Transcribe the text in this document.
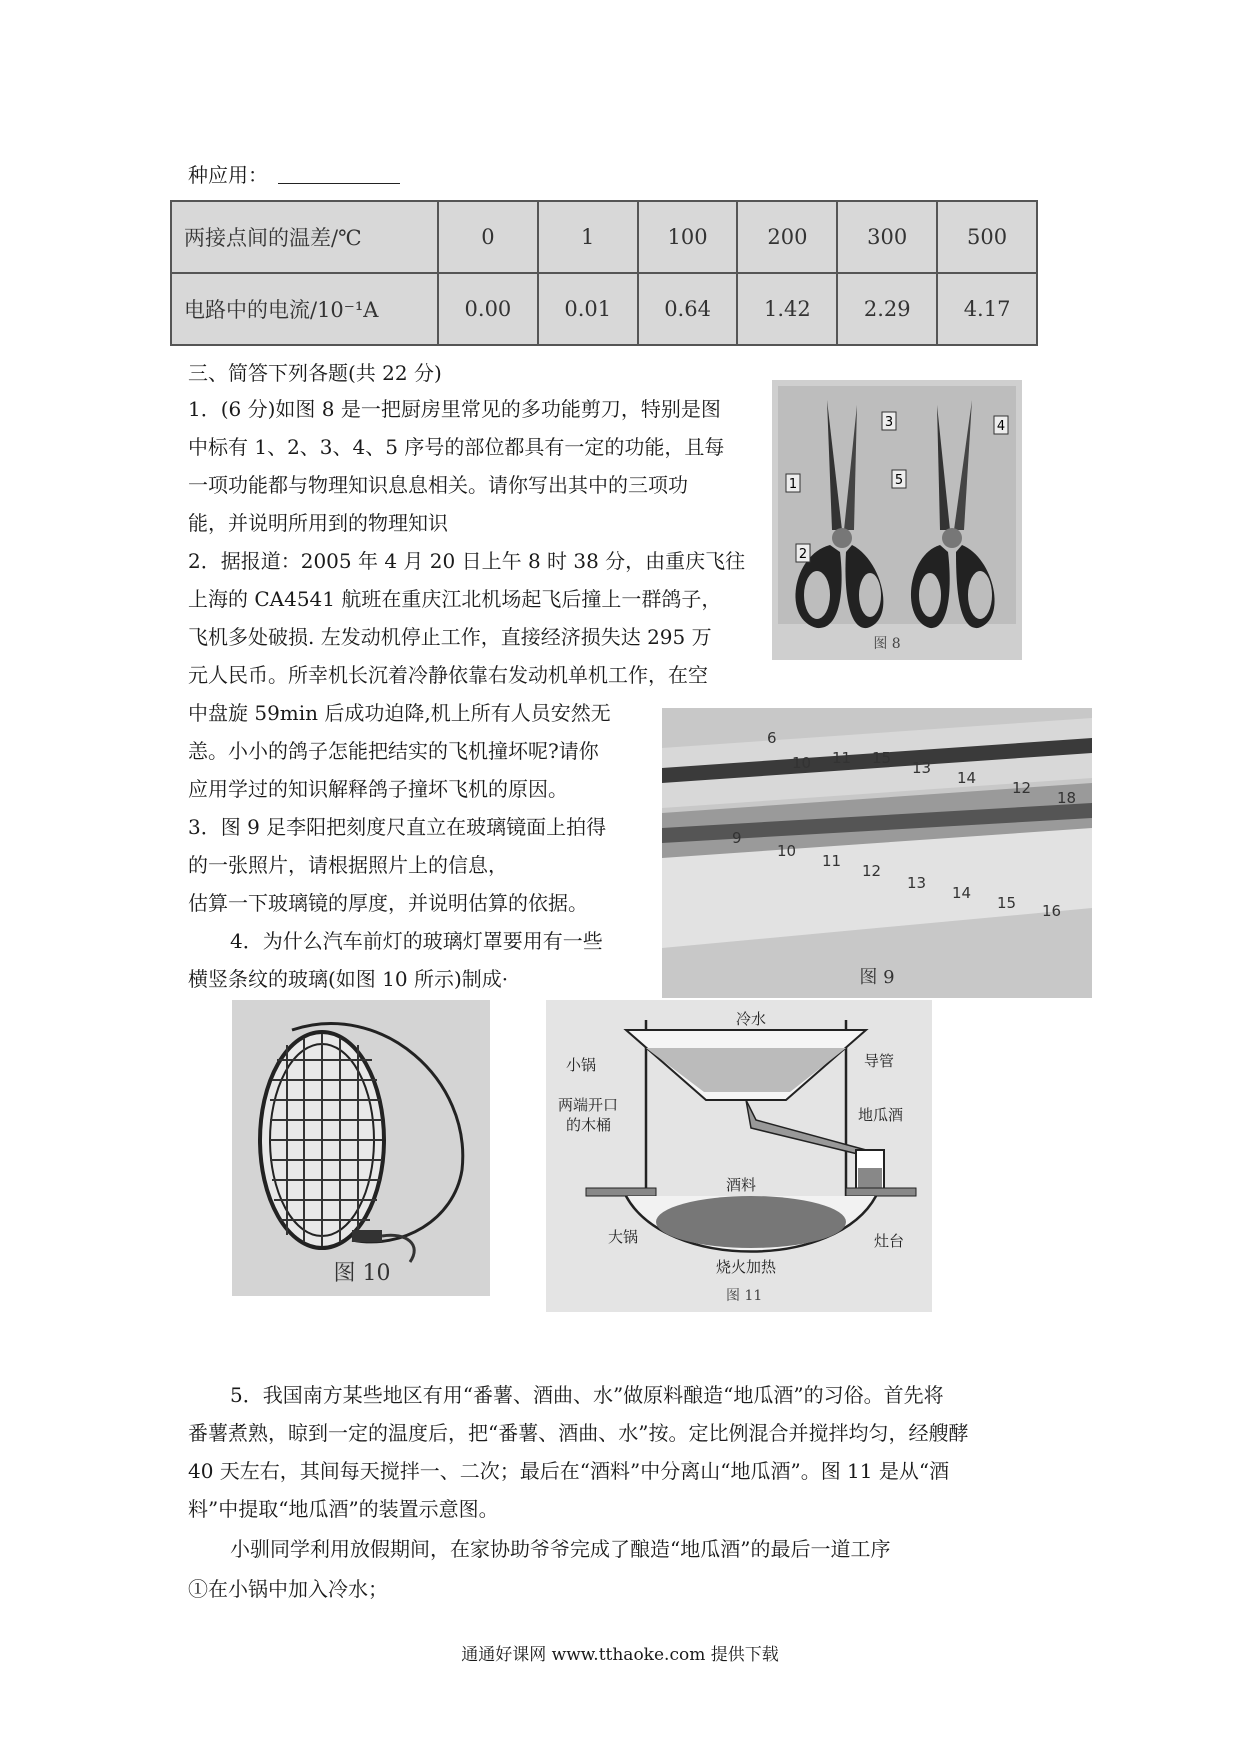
种应用：
两接点间的温差/℃	0	1	100	200	300	500
电路中的电流/10⁻¹A	0.00	0.01	0.64	1.42	2.29	4.17
三、简答下列各题(共 22 分)
1．(6 分)如图 8 是一把厨房里常见的多功能剪刀，特别是图
中标有 1、2、3、4、5 序号的部位都具有一定的功能，且每
一项功能都与物理知识息息相关。请你写出其中的三项功
能，并说明所用到的物理知识
2．据报道：2005 年 4 月 20 日上午 8 时 38 分，由重庆飞往
上海的 CA4541 航班在重庆江北机场起飞后撞上一群鸽子，
飞机多处破损. 左发动机停止工作，直接经济损失达 295 万
元人民币。所幸机长沉着冷静依靠右发动机单机工作，在空
中盘旋 59min 后成功迫降,机上所有人员安然无
恙。小小的鸽子怎能把结实的飞机撞坏呢?请你
应用学过的知识解释鸽子撞坏飞机的原因。
3．图 9 足李阳把刻度尺直立在玻璃镜面上拍得
的一张照片，请根据照片上的信息，
估算一下玻璃镜的厚度，并说明估算的依据。
4．为什么汽车前灯的玻璃灯罩要用有一些
横竖条纹的玻璃(如图 10 所示)制成·
1
2
3	4
5
图 8
6
10 11 15
13
14
12
18
9
10
11
12
13
14
15 16
图 9
图 10
冷水
小锅	导管
两端开口
的木桶
地瓜酒
酒料
大锅
烧火加热
灶台
图 11
5．我国南方某些地区有用“番薯、酒曲、水”做原料酿造“地瓜酒”的习俗。首先将
番薯煮熟，晾到一定的温度后，把“番薯、酒曲、水”按。定比例混合并搅拌均匀，经艘酵
40 天左右，其间每天搅拌一、二次；最后在“酒料”中分离山“地瓜酒”。图 11 是从“酒
料”中提取“地瓜酒”的装置示意图。
小驯同学利用放假期间，在家协助爷爷完成了酿造“地瓜酒”的最后一道工序
①在小锅中加入冷水；
通通好课网 www.tthaoke.com 提供下载
